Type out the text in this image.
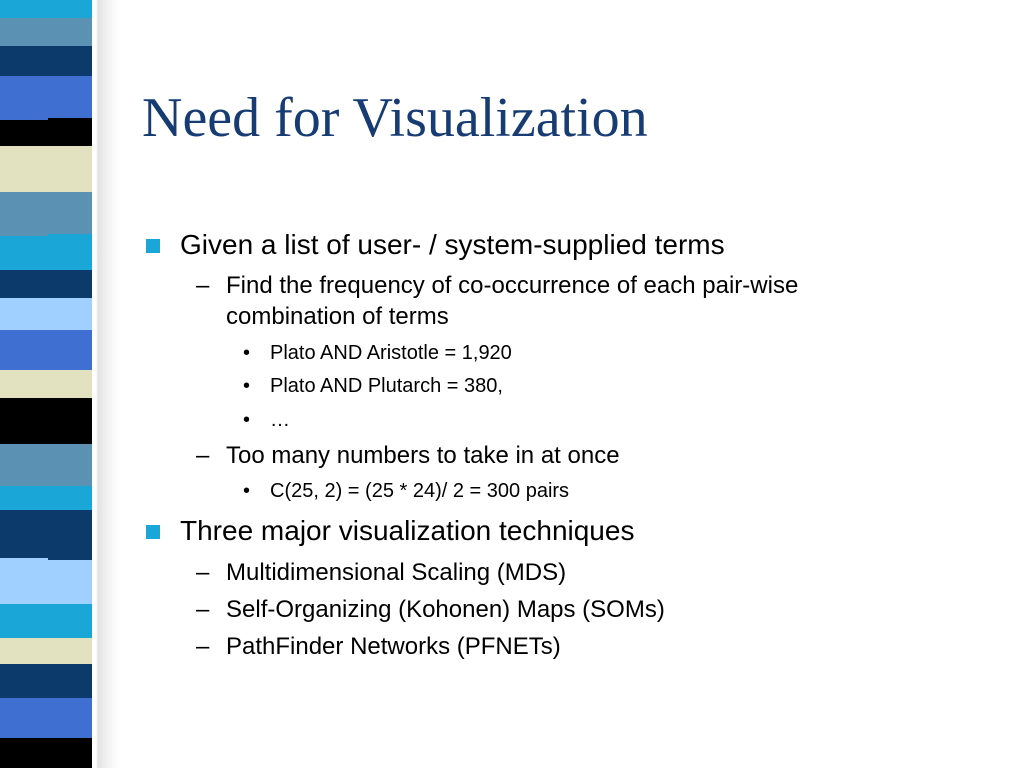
Need for Visualization
Given a list of user- / system-supplied terms
– Find the frequency of co-occurrence of each pair-wise
combination of terms
• Plato AND Aristotle = 1,920
• Plato AND Plutarch = 380,
• …
– Too many numbers to take in at once
• C(25, 2) = (25 * 24)/ 2 = 300 pairs
Three major visualization techniques
– Multidimensional Scaling (MDS)
– Self-Organizing (Kohonen) Maps (SOMs)
– PathFinder Networks (PFNETs)
